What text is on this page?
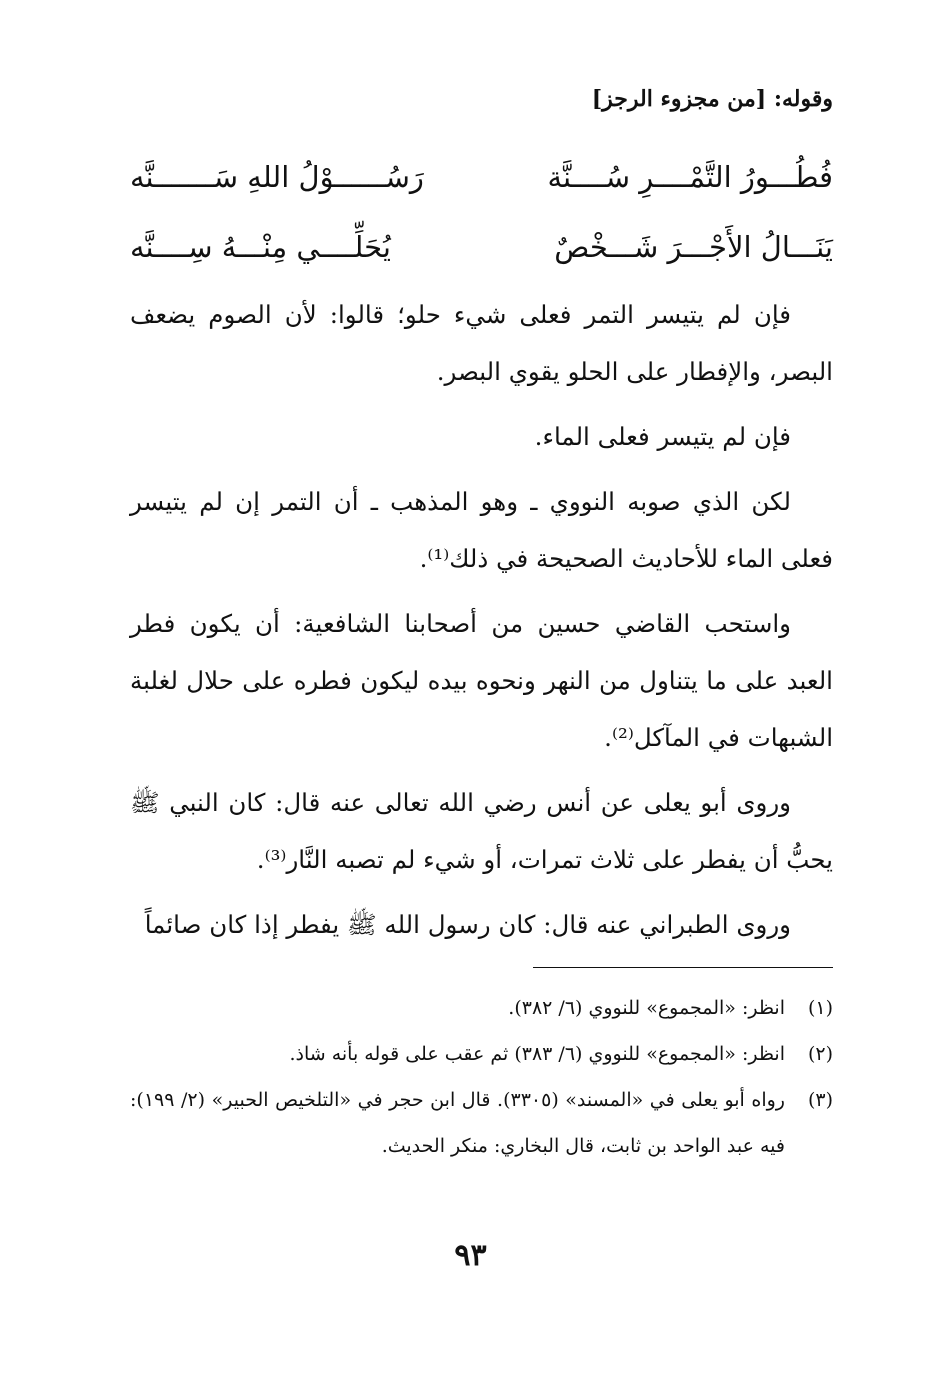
وقوله: [من مجزوء الرجز]
فُطُـــورُ التَّمْــــرِ سُــــنَّة
رَسُــــــوْلُ اللهِ سَـــــــنَّه
يَنَـــالُ الأَجْـــرَ شَـــخْصٌ
يُحَلِّــــي مِنْـــهُ سِــــنَّه

فإن لم يتيسر التمر فعلى شيء حلو؛ قالوا: لأن الصوم يضعف البصر، والإفطار على الحلو يقوي البصر.

فإن لم يتيسر فعلى الماء.

لكن الذي صوبه النووي ـ وهو المذهب ـ أن التمر إن لم يتيسر فعلى الماء للأحاديث الصحيحة في ذلك⁽¹⁾.

واستحب القاضي حسين من أصحابنا الشافعية: أن يكون فطر العبد على ما يتناول من النهر ونحوه بيده ليكون فطره على حلال لغلبة الشبهات في المآكل⁽²⁾.

وروى أبو يعلى عن أنس رضي الله تعالى عنه قال: كان النبي ﷺ يحبُّ أن يفطر على ثلاث تمرات، أو شيء لم تصبه النَّار⁽³⁾.

وروى الطبراني عنه قال: كان رسول الله ﷺ يفطر إذا كان صائماً

(١)
انظر: «المجموع» للنووي (٦/ ٣٨٢).
(٢)
انظر: «المجموع» للنووي (٦/ ٣٨٣) ثم عقب على قوله بأنه شاذ.
(٣)
رواه أبو يعلى في «المسند» (٣٣٠٥). قال ابن حجر في «التلخيص الحبير» (٢/ ١٩٩): فيه عبد الواحد بن ثابت، قال البخاري: منكر الحديث.
٩٣
